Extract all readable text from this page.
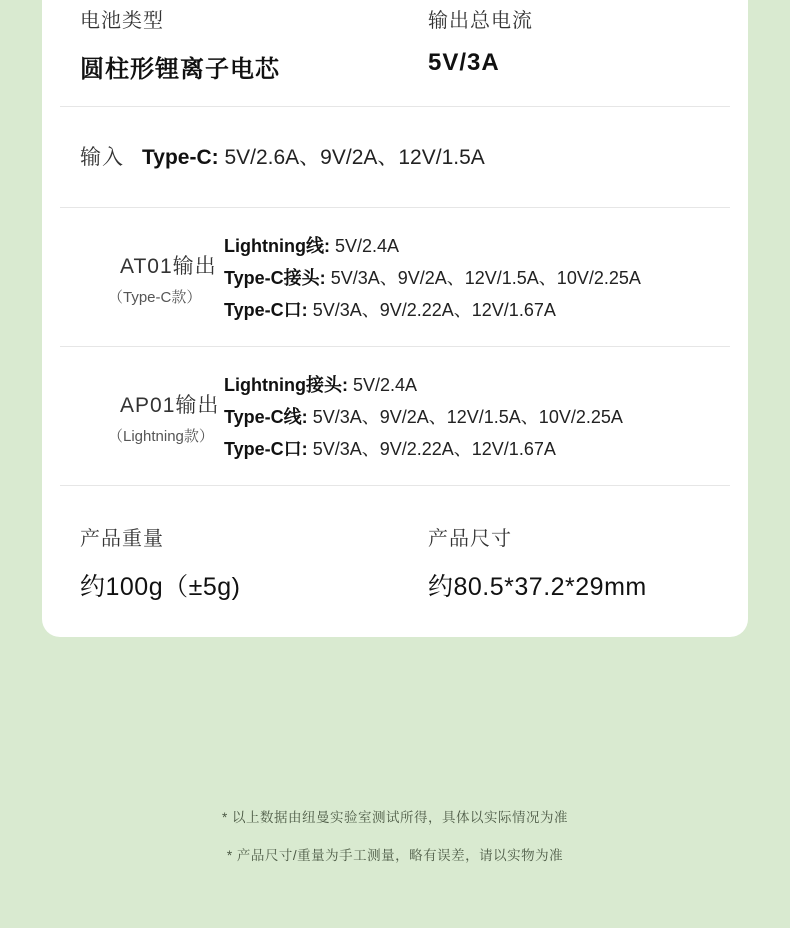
电池类型
圆柱形锂离子电芯
输出总电流
5V/3A
输入 Type-C: 5V/2.6A、9V/2A、12V/1.5A
AT01输出
（Type-C款）
Lightning线: 5V/2.4A
Type-C接头: 5V/3A、9V/2A、12V/1.5A、10V/2.25A
Type-C口: 5V/3A、9V/2.22A、12V/1.67A
AP01输出
（Lightning款）
Lightning接头: 5V/2.4A
Type-C线: 5V/3A、9V/2A、12V/1.5A、10V/2.25A
Type-C口: 5V/3A、9V/2.22A、12V/1.67A
产品重量
约100g（±5g)
产品尺寸
约80.5*37.2*29mm
* 以上数据由纽曼实验室测试所得，具体以实际情况为准
* 产品尺寸/重量为手工测量，略有误差，请以实物为准
